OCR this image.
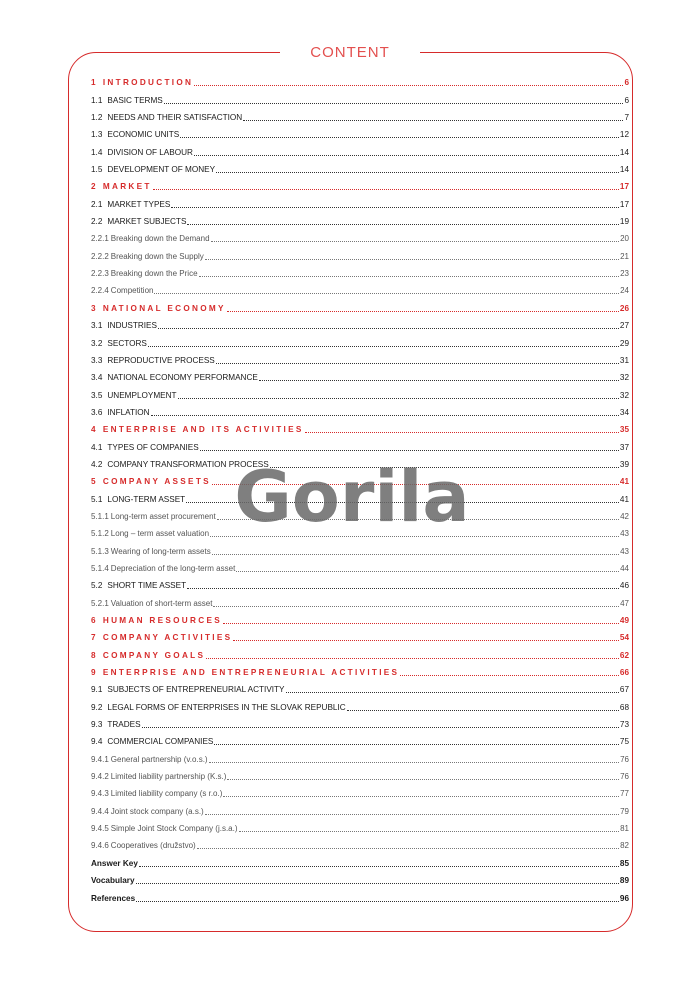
CONTENT
1 INTRODUCTION	6
1.1 BASIC TERMS	6
1.2 NEEDS AND THEIR SATISFACTION	7
1.3 ECONOMIC UNITS	12
1.4 DIVISION OF LABOUR	14
1.5 DEVELOPMENT OF MONEY	14
2 MARKET	17
2.1 MARKET TYPES	17
2.2 MARKET SUBJECTS	19
2.2.1 Breaking down the Demand	20
2.2.2 Breaking down the Supply	21
2.2.3 Breaking down the Price	23
2.2.4 Competition	24
3 NATIONAL ECONOMY	26
3.1 INDUSTRIES	27
3.2 SECTORS	29
3.3 REPRODUCTIVE PROCESS	31
3.4 NATIONAL ECONOMY PERFORMANCE	32
3.5 UNEMPLOYMENT	32
3.6 INFLATION	34
4 ENTERPRISE AND ITS ACTIVITIES	35
4.1 TYPES OF COMPANIES	37
4.2 COMPANY TRANSFORMATION PROCESS	39
5 COMPANY ASSETS	41
5.1 LONG-TERM ASSET	41
5.1.1 Long-term asset procurement	42
5.1.2 Long – term asset valuation	43
5.1.3 Wearing of long-term assets	43
5.1.4 Depreciation of the long-term asset	44
5.2 SHORT TIME ASSET	46
5.2.1 Valuation of short-term asset	47
6 HUMAN RESOURCES	49
7 COMPANY ACTIVITIES	54
8 COMPANY GOALS	62
9 ENTERPRISE AND ENTREPRENEURIAL ACTIVITIES	66
9.1 SUBJECTS OF ENTREPRENEURIAL ACTIVITY	67
9.2 LEGAL FORMS OF ENTERPRISES IN THE SLOVAK REPUBLIC	68
9.3 TRADES	73
9.4 COMMERCIAL COMPANIES	75
9.4.1 General partnership (v.o.s.)	76
9.4.2 Limited liability partnership (K.s.)	76
9.4.3 Limited liability company (s r.o.)	77
9.4.4 Joint stock company (a.s.)	79
9.4.5 Simple Joint Stock Company (j.s.a.)	81
9.4.6 Cooperatives (družstvo)	82
Answer Key	85
Vocabulary	89
References	96
Gorila
